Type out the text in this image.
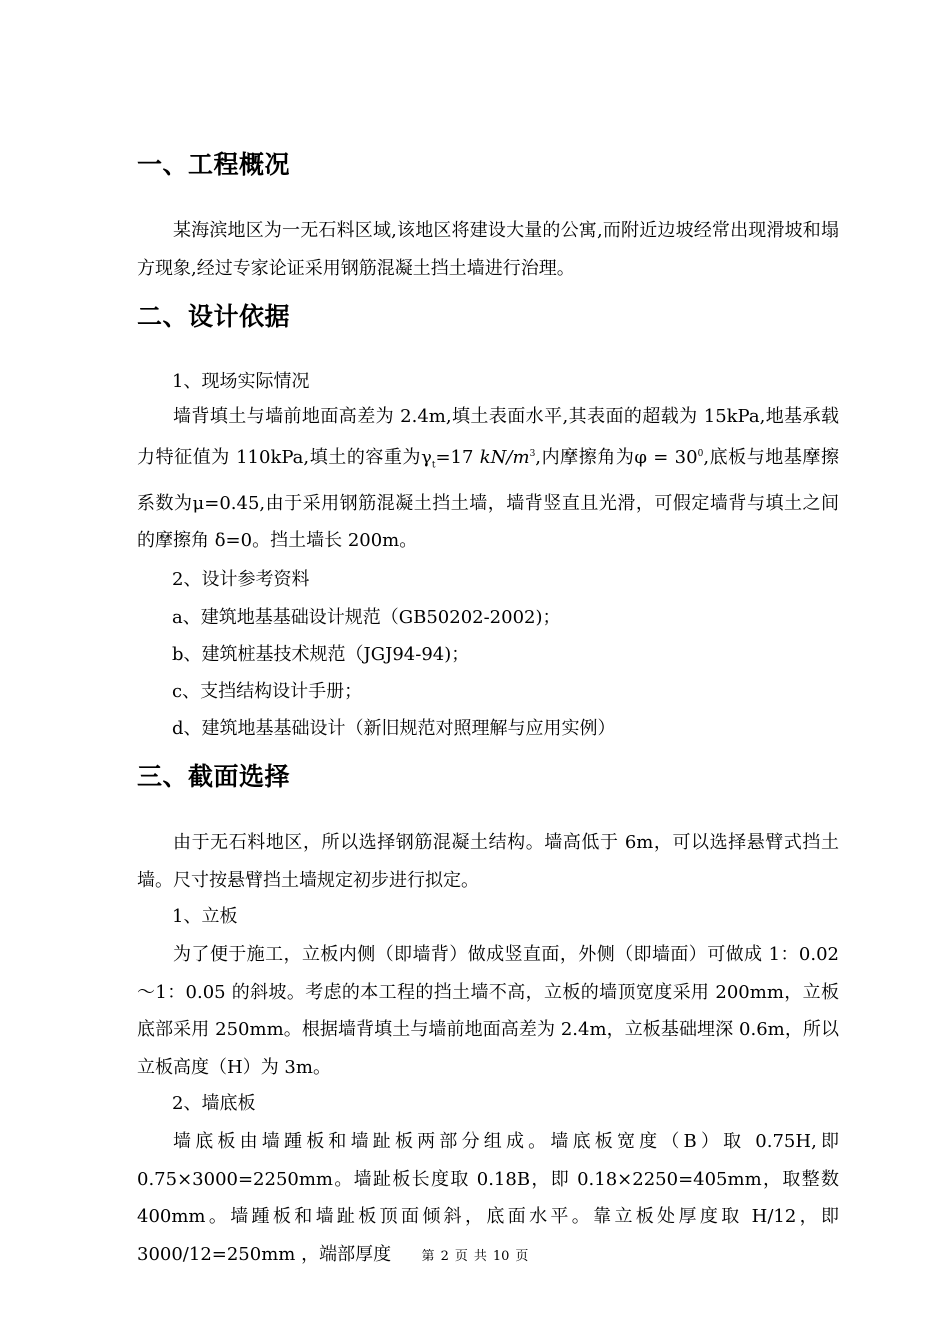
一、工程概况
某海滨地区为一无石料区域,该地区将建设大量的公寓,而附近边坡经常出现滑坡和塌方现象,经过专家论证采用钢筋混凝土挡土墙进行治理。
二、设计依据
1、现场实际情况
墙背填土与墙前地面高差为 2.4m,填土表面水平,其表面的超载为 15kPa,地基承载力特征值为 110kPa,填土的容重为$\gamma_t=17$ $kN/m^3$,内摩擦角为$\varphi = 30^0$,底板与地基摩擦系数为μ=0.45,由于采用钢筋混凝土挡土墙，墙背竖直且光滑，可假定墙背与填土之间的摩擦角 δ=0。挡土墙长 200m。
2、设计参考资料
a、建筑地基基础设计规范（GB50202-2002)；
b、建筑桩基技术规范（JGJ94-94)；
c、支挡结构设计手册；
d、建筑地基基础设计（新旧规范对照理解与应用实例）
三、截面选择
由于无石料地区，所以选择钢筋混凝土结构。墙高低于 6m，可以选择悬臂式挡土墙。尺寸按悬臂挡土墙规定初步进行拟定。
1、立板
为了便于施工，立板内侧（即墙背）做成竖直面，外侧（即墙面）可做成 1：0.02～1：0.05 的斜坡。考虑的本工程的挡土墙不高，立板的墙顶宽度采用 200mm，立板底部采用 250mm。根据墙背填土与墙前地面高差为 2.4m，立板基础埋深 0.6m，所以立板高度（H）为 3m。
2、墙底板
墙底板由墙踵板和墙趾板两部分组成。墙底板宽度（B）取 0.75H,即 0.75×3000=2250mm。墙趾板长度取 0.18B，即 0.18×2250=405mm，取整数 400mm。墙踵板和墙趾板顶面倾斜，底面水平。靠立板处厚度取 H/12，即 3000/12=250mm ，端部厚度	第 2 页 共 10 页
